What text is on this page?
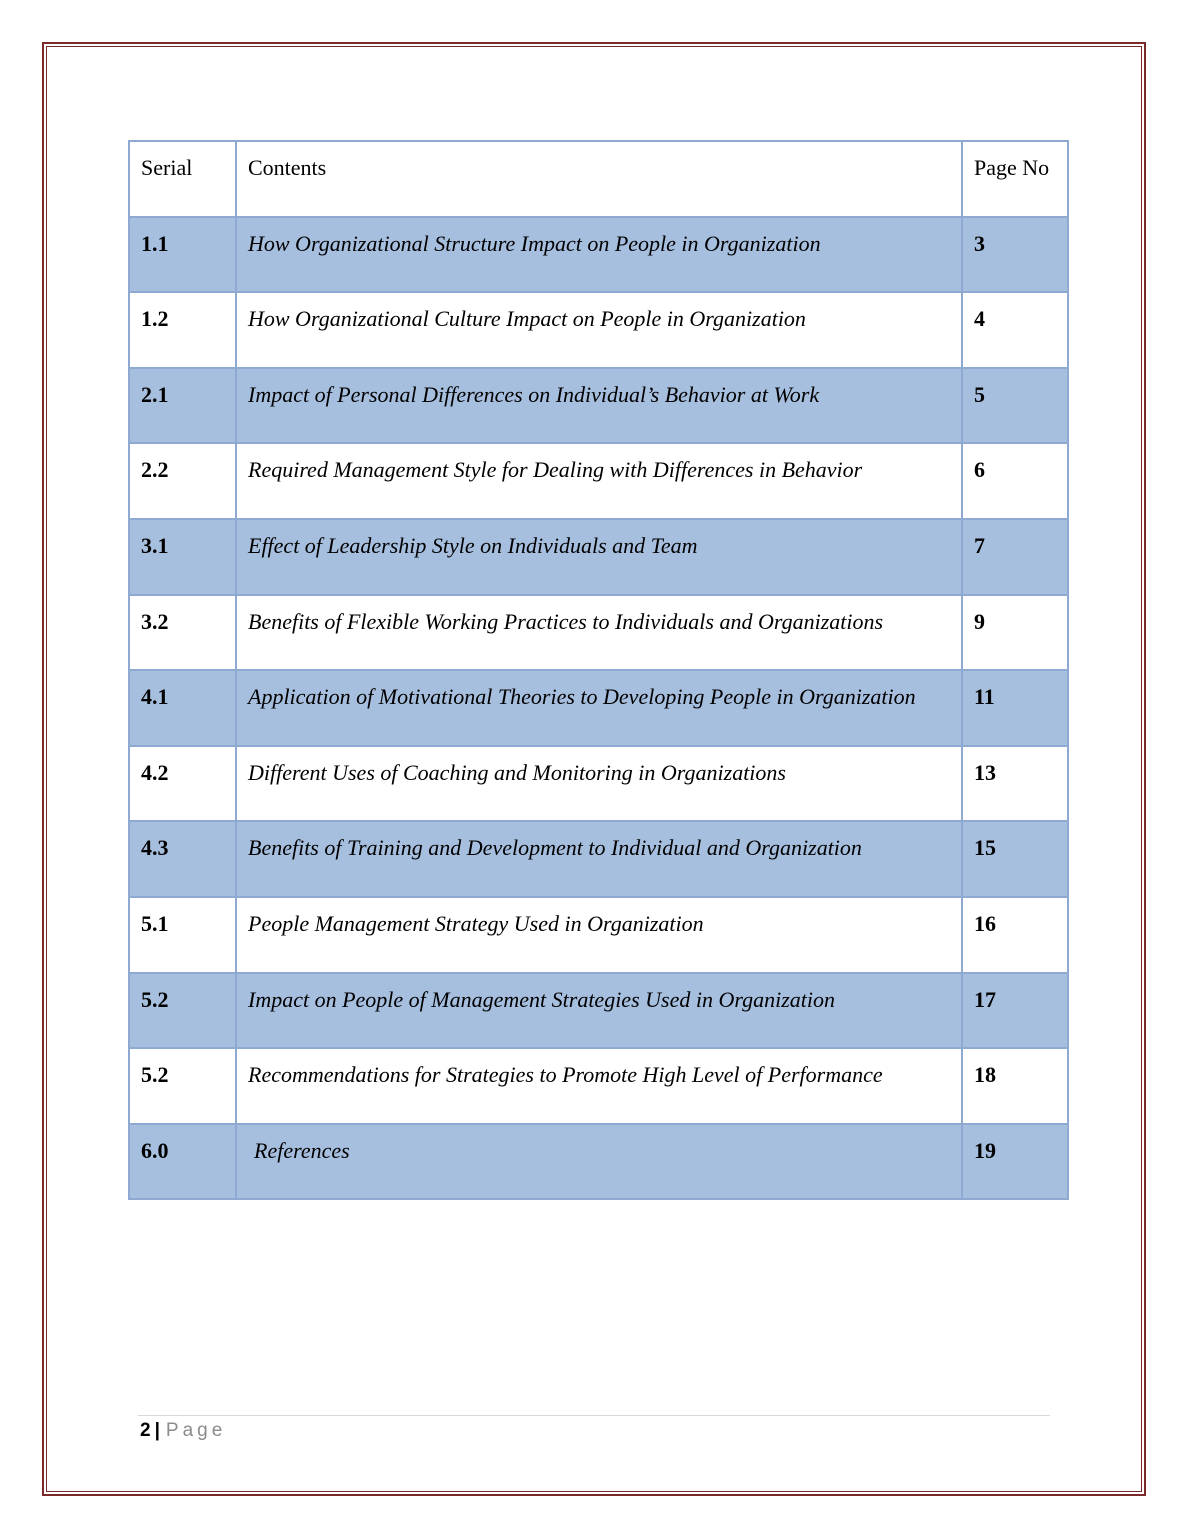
Serial	Contents	Page No
1.1	How Organizational Structure Impact on People in Organization	3
1.2	How Organizational Culture Impact on People in Organization	4
2.1	Impact of Personal Differences on Individual’s Behavior at Work	5
2.2	Required Management Style for Dealing with Differences in Behavior	6
3.1	Effect of Leadership Style on Individuals and Team	7
3.2	Benefits of Flexible Working Practices to Individuals and Organizations	9
4.1	Application of Motivational Theories to Developing People in Organization	11
4.2	Different Uses of Coaching and Monitoring in Organizations	13
4.3	Benefits of Training and Development to Individual and Organization	15
5.1	People Management Strategy Used in Organization	16
5.2	Impact on People of Management Strategies Used in Organization	17
5.2	Recommendations for Strategies to Promote High Level of Performance	18
6.0	References	19
2 | Page
